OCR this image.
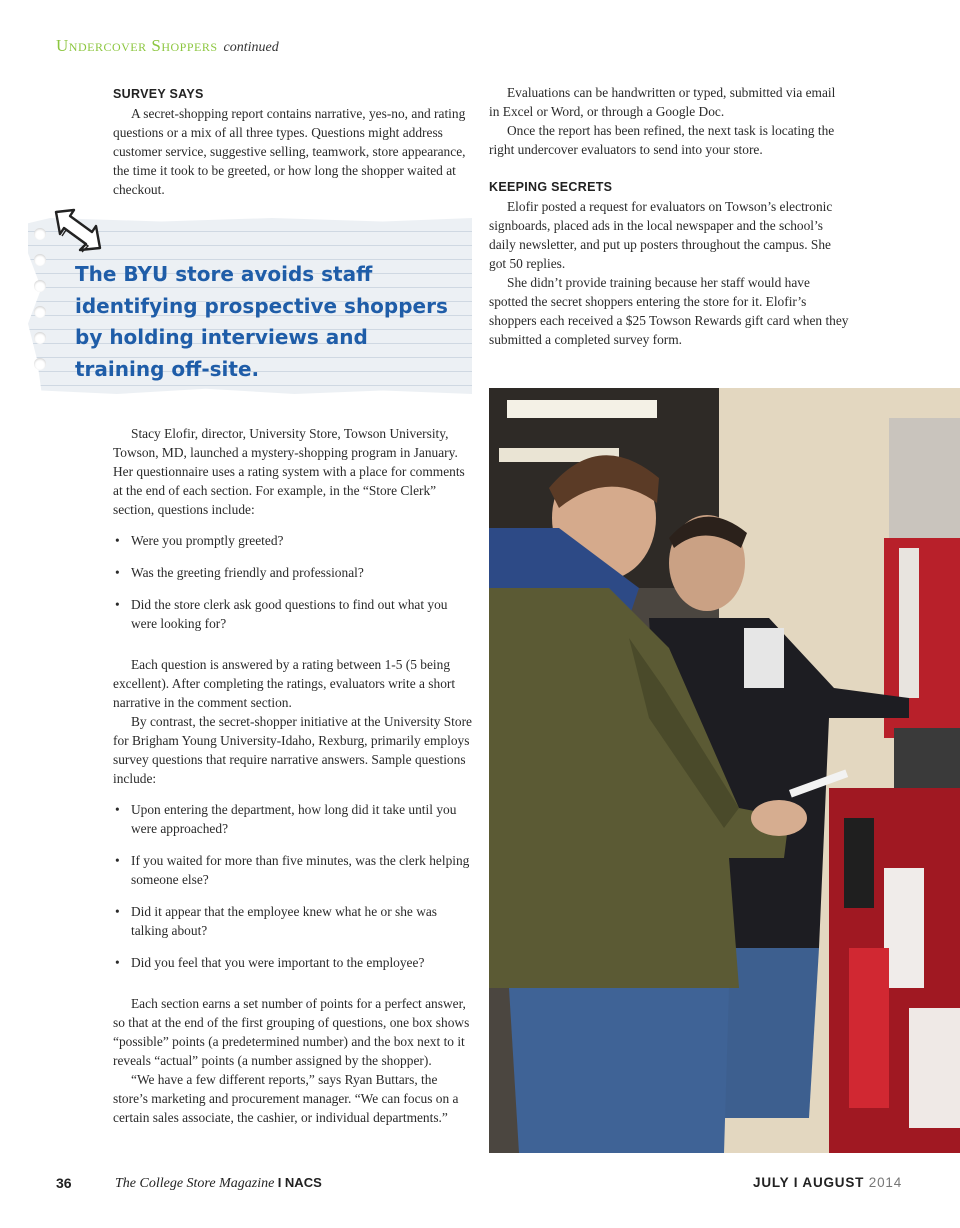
Undercover Shoppers continued
SURVEY SAYS

A secret-shopping report contains narrative, yes-no, and rating questions or a mix of all three types. Questions might address customer service, suggestive selling, teamwork, store appearance, the time it took to be greeted, or how long the shopper waited at checkout.

The BYU store avoids staff identifying prospective shoppers by holding interviews and training off-site.

Evaluations can be handwritten or typed, submitted via email in Excel or Word, or through a Google Doc.

Once the report has been refined, the next task is locating the right undercover evaluators to send into your store.

KEEPING SECRETS

Elofir posted a request for evaluators on Towson’s electronic signboards, placed ads in the local newspaper and the school’s daily newsletter, and put up posters throughout the campus. She got 50 replies.

She didn’t provide training because her staff would have spotted the secret shoppers entering the store for it. Elofir’s shoppers each received a $25 Towson Rewards gift card when they submitted a completed survey form.

Stacy Elofir, director, University Store, Towson University, Towson, MD, launched a mystery-shopping program in January. Her questionnaire uses a rating system with a place for comments at the end of each section. For example, in the “Store Clerk” section, questions include:

• Were you promptly greeted?
• Was the greeting friendly and professional?
• Did the store clerk ask good questions to find out what you were looking for?

Each question is answered by a rating between 1-5 (5 being excellent). After completing the ratings, evaluators write a short narrative in the comment section.

By contrast, the secret-shopper initiative at the University Store for Brigham Young University-Idaho, Rexburg, primarily employs survey questions that require narrative answers. Sample questions include:

• Upon entering the department, how long did it take until you were approached?
• If you waited for more than five minutes, was the clerk helping someone else?
• Did it appear that the employee knew what he or she was talking about?
• Did you feel that you were important to the employee?

Each section earns a set number of points for a perfect answer, so that at the end of the first grouping of questions, one box shows “possible” points (a predetermined number) and the box next to it reveals “actual” points (a number assigned by the shopper).

“We have a few different reports,” says Ryan Buttars, the store’s marketing and procurement manager. “We can focus on a certain sales associate, the cashier, or individual departments.”

36	The College Store Magazine I NACS	JULY I AUGUST 2014
